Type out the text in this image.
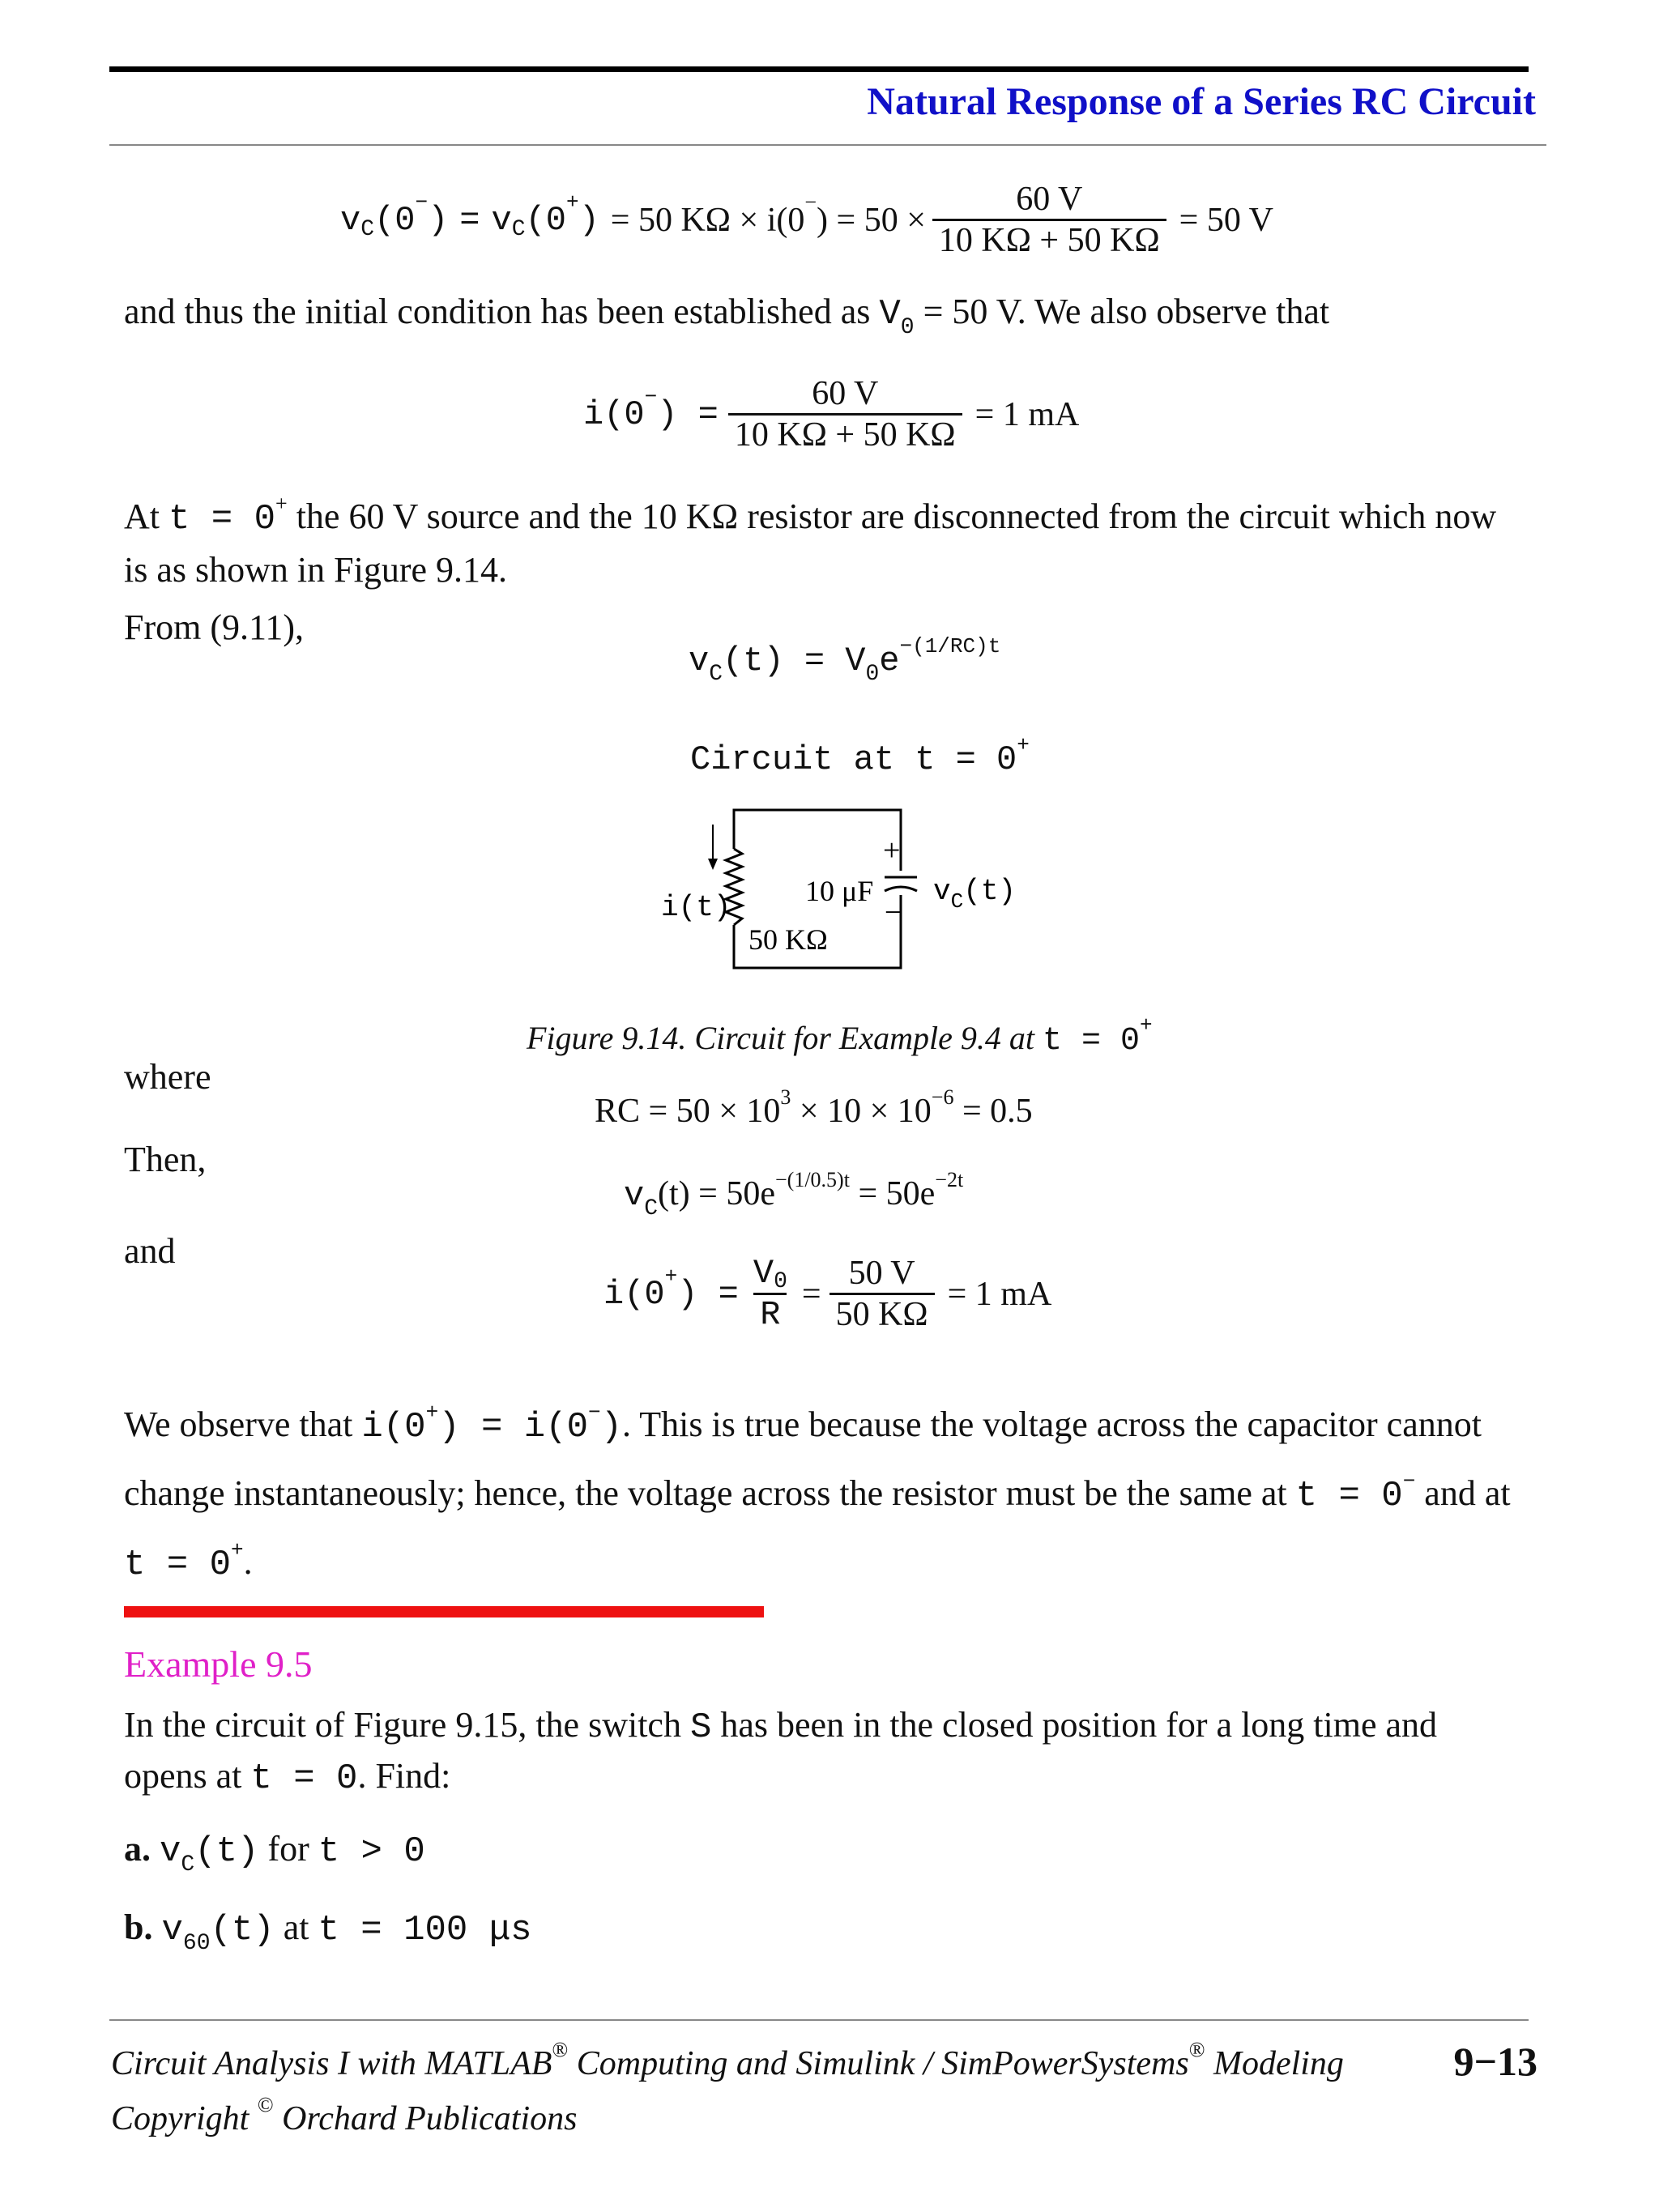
Natural Response of a Series RC Circuit
v C (0 − ) = v C (0 + ) = 50 KΩ × i(0 − ) = $50 \times \frac{60 V}{10 K\Omega + 50 K\Omega} = 50$ V
and thus the initial condition has been established as $V_0 = 50$ V. We also observe that
i(0 − ) = $\frac{60 V}{10 K\Omega + 50 K\Omega} = 1$ mA
At t = 0+ the 60 V source and the 10 KΩ resistor are disconnected from the circuit which now
is as shown in Figure 9.14.
From (9.11),
$v_C(t) = V_0e^{-(1/RC)t}$
Circuit at t = 0+
+
−
i(t)	10 μF
50 KΩ
$v_C(t)$
Figure 9.14. Circuit for Example 9.4 at t = 0+
where
Then,
and
RC = $50 \times 10^3 \times 10 \times 10^{-6} = 0.5$
$v_C(t) = 50e^{-(1/0.5)t} = 50e^{-2t}$
i(0 + ) = $\frac{V0}{R} = \frac{50 V}{50 K\Omega} = 1$ mA
We observe that i(0+) = i(0−). This is true because the voltage across the capacitor cannot
change instantaneously; hence, the voltage across the resistor must be the same at t = 0− and at
t = 0+.
Example 9.5
In the circuit of Figure 9.15, the switch S has been in the closed position for a long time and
opens at t = 0. Find:
a. $v_C(t)$ for t > 0
b. $v_{60}(t)$ at t = 100 μs
Circuit Analysis I with MATLAB® Computing and Simulink / SimPowerSystems® Modeling	9−13
Copyright © Orchard Publications
